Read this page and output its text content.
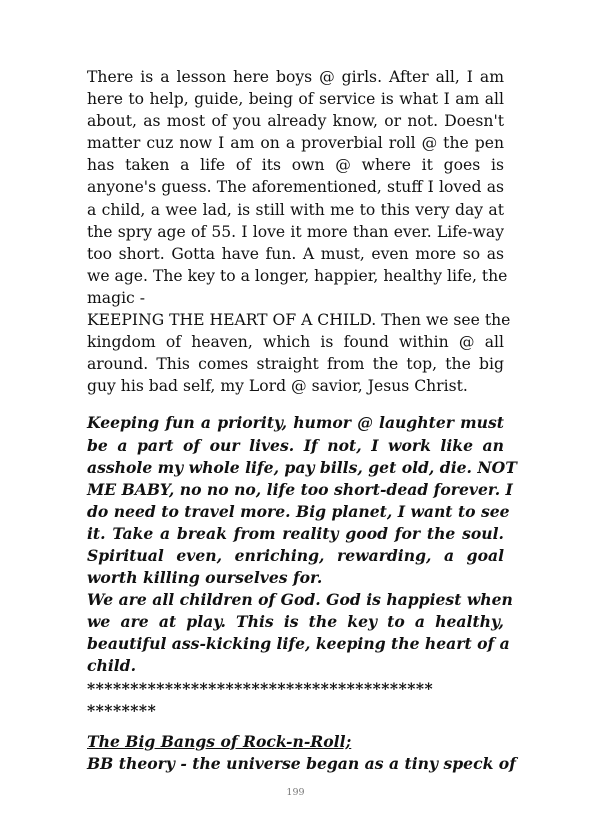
There is a lesson here boys @ girls. After all, I am
here to help, guide, being of service is what I am all
about, as most of you already know, or not. Doesn't
matter cuz now I am on a proverbial roll @ the pen
has taken a life of its own @ where it goes is
anyone's guess. The aforementioned, stuff I loved as
a child, a wee lad, is still with me to this very day at
the spry age of 55. I love it more than ever. Life-way
too short. Gotta have fun. A must, even more so as
we age. The key to a longer, happier, healthy life, the
magic -
KEEPING THE HEART OF A CHILD. Then we see the
kingdom of heaven, which is found within @ all
around. This comes straight from the top, the big
guy his bad self, my Lord @ savior, Jesus Christ.
Keeping fun a priority, humor @ laughter must
be a part of our lives. If not, I work like an
asshole my whole life, pay bills, get old, die. NOT
ME BABY, no no no, life too short-dead forever. I
do need to travel more. Big planet, I want to see
it. Take a break from reality good for the soul.
Spiritual even, enriching, rewarding, a goal
worth killing ourselves for.
We are all children of God. God is happiest when
we are at play. This is the key to a healthy,
beautiful ass-kicking life, keeping the heart of a
child.
****************************************
********
The Big Bangs of Rock-n-Roll;
BB theory - the universe began as a tiny speck of
199
